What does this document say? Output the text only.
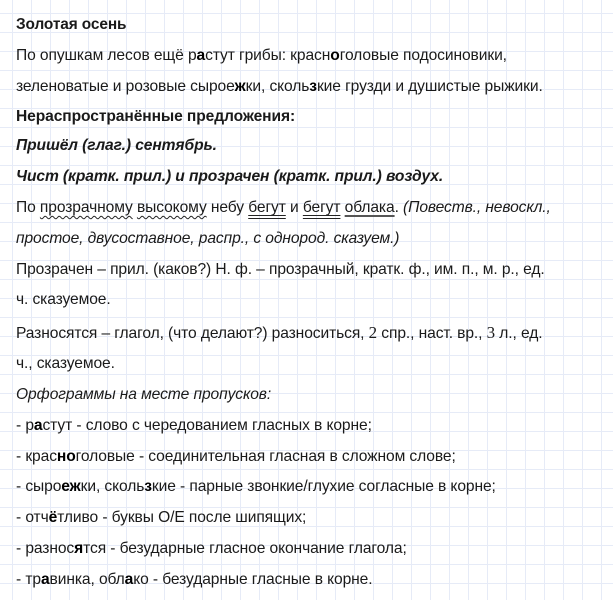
Золотая осень
По опушкам лесов ещё растут грибы: красноголовые подосиновики,
зеленоватые и розовые сыроежки, скользкие грузди и душистые рыжики.
Нераспространённые предложения:
Пришёл (глаг.) сентябрь.
Чист (кратк. прил.) и прозрачен (кратк. прил.) воздух.
По прозрачному высокому небу бегут и бегут облака. (Повеств., невоскл.,
простое, двусоставное, распр., с однород. сказуем.)
Прозрачен – прил. (каков?) Н. ф. – прозрачный, кратк. ф., им. п., м. р., ед.
ч. сказуемое.
Разносятся – глагол, (что делают?) разноситься, 2 спр., наст. вр., 3 л., ед.
ч., сказуемое.
Орфограммы на месте пропусков:
- растут - слово с чередованием гласных в корне;
- красноголовые - соединительная гласная в сложном слове;
- сыроежки, скользкие - парные звонкие/глухие согласные в корне;
- отчётливо - буквы О/Е после шипящих;
- разносятся - безударные гласное окончание глагола;
- травинка, облако - безударные гласные в корне.
